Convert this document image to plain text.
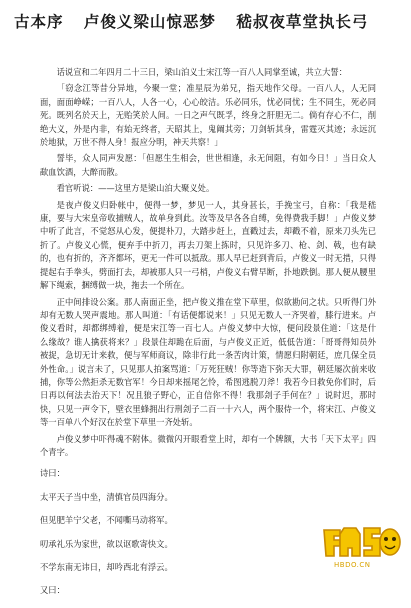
古本序 卢俊义梁山惊恶梦 嵇叔夜草堂执长弓

话说宣和二年四月二十三日，梁山泊义士宋江等一百八人同掌至诚，共立大誓：

「窃念江等昔分异地，今聚一堂；准星辰为弟兄，指天地作父母。一百八人，人无同面，面面峥嵘；一百八人，人各一心，心心皎洁。乐必同乐，忧必同忧；生不同生，死必同死。既列名於天上，无贻笑於人间。一日之声气既孚，终身之肝胆无二。倘有存心不仁，削绝大义，外是内非，有始无终者，天昭其上，鬼阚其旁；刀剑斩其身，雷霆灭其迹；永远沉於地狱，万世不得人身！报应分明，神天共察！」

誓毕，众人同声发愿：「但愿生生相会，世世相逢，永无间阻，有如今日！」当日众人歃血饮酒，大醉而散。

看官听说：——这里方是梁山泊大聚义处。

是夜卢俊义归卧帐中，便得一梦，梦见一人，其身甚长，手挽宝弓，自称：「我是嵇康，要与大宋皇帝收捕贼人，故单身到此。汝等及早各各自缚，免得费我手脚！」卢俊义梦中听了此言，不觉怒从心发，便提朴刀，大踏步赶上，直戳过去，却戳不着，原来刀头先已折了。卢俊义心慌，便弃手中折刀，再去刀架上拣时，只见许多刀、枪、剑、戟，也有缺的，也有折的，齐齐都坏，更无一件可以抵敌。那人早已赶到背后，卢俊义一时无措，只得提起右手拳头，劈面打去，却被那人只一弓梢，卢俊义右臂早断，扑地跌倒。那人便从腰里解下绳索，捆缚做一块，拖去一个所在。

正中间排设公案。那人南面正坐，把卢俊义推在堂下草里，似欲勘问之状。只听得门外却有无数人哭声震地。那人叫道：「有话便都说来！」只见无数人一齐哭着，膝行进来。卢俊义看时，却都绑缚着，便是宋江等一百七人。卢俊义梦中大惊，便问段景住道：「这是什么缘故？谁人擒获将来？」段景住却跪在后面，与卢俊义正近，低低告道：「哥哥得知员外被捉，急切无计来救，便与军师商议，除非行此一条苦肉计策，情愿归附朝廷，庶几保全员外性命。」说言未了，只见那人拍案骂道：「万死狂贼！你等造下弥天大罪，朝廷屡次前来收捕，你等公然拒杀无数官军！今日却来摇尾乞怜，希图逃脱刀斧！我若今日救免你们时，后日再以何法去治天下！况且狼子野心，正自信你不得！我那刽子手何在？」说时迟，那时快，只见一声令下，壁衣里蜂拥出行刑刽子二百一十六人，两个服侍一个，将宋江、卢俊义等一百单八个好汉在於堂下草里一齐处斩。

卢俊义梦中吓得魂不附体。微微闪开眼看堂上时，却有一个牌额，大书「天下太平」四个青字。

诗曰：

太平天子当中坐，清慎官员四海分。

但见肥羊宁父老，不闻嘶马动将军。

叨承礼乐为家世，欲以讴歌寄快文。

不学东南无讳日，却吟西北有浮云。

又曰：

HBDO.CN
